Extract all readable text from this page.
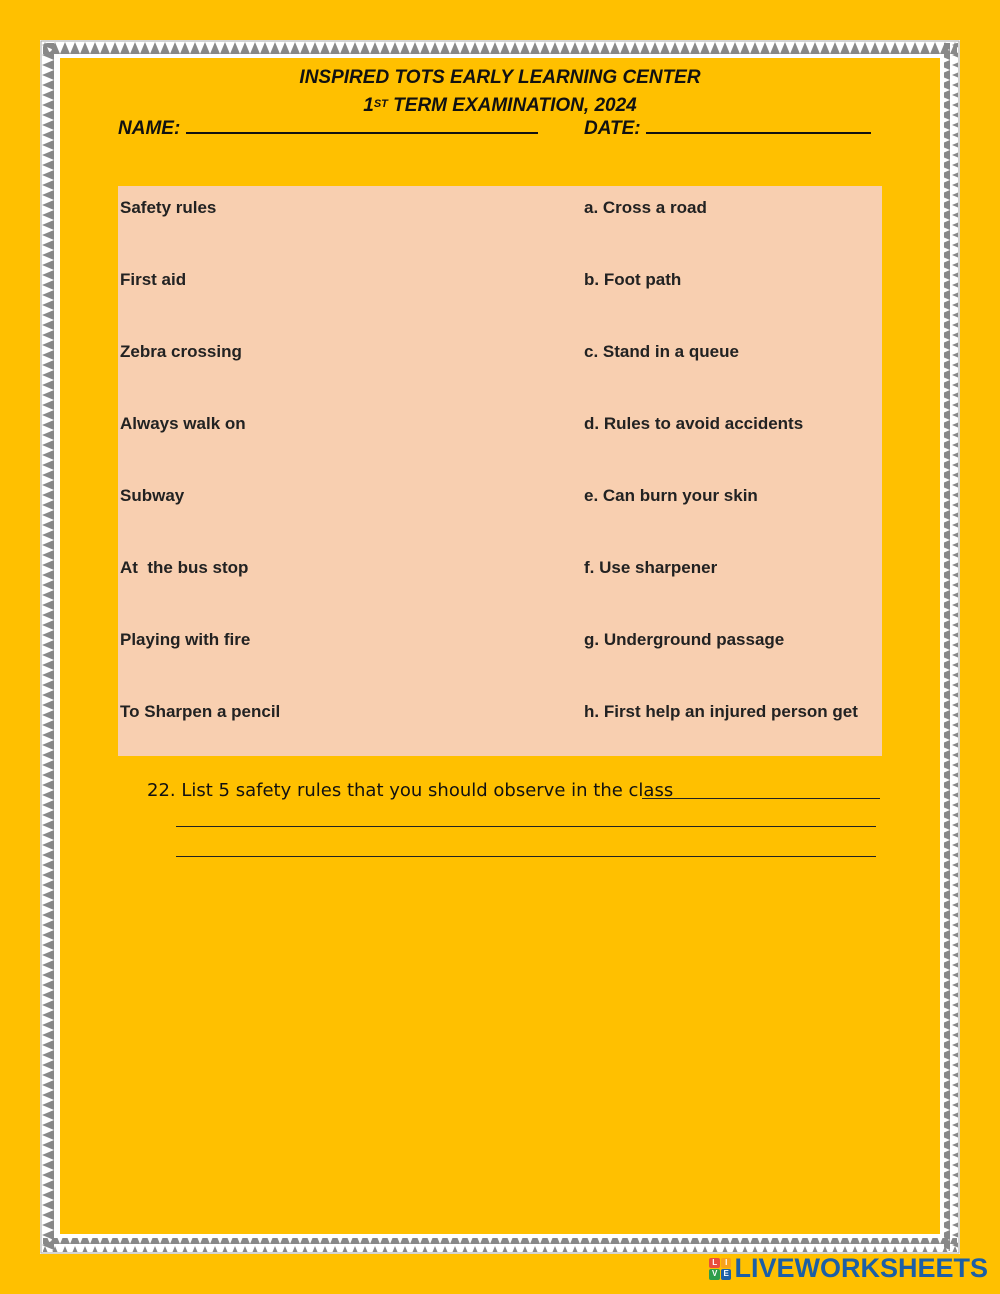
INSPIRED TOTS EARLY LEARNING CENTER
1ST TERM EXAMINATION, 2024
NAME:	DATE:
Safety rules
First aid
Zebra crossing
Always walk on
Subway
At  the bus stop
Playing with fire
To Sharpen a pencil
a. Cross a road
b. Foot path
c. Stand in a queue
d. Rules to avoid accidents
e. Can burn your skin
f. Use sharpener
g. Underground passage
h. First help an injured person get
22. List 5 safety rules that you should observe in the class
L I
V E LIVEWORKSHEETS
